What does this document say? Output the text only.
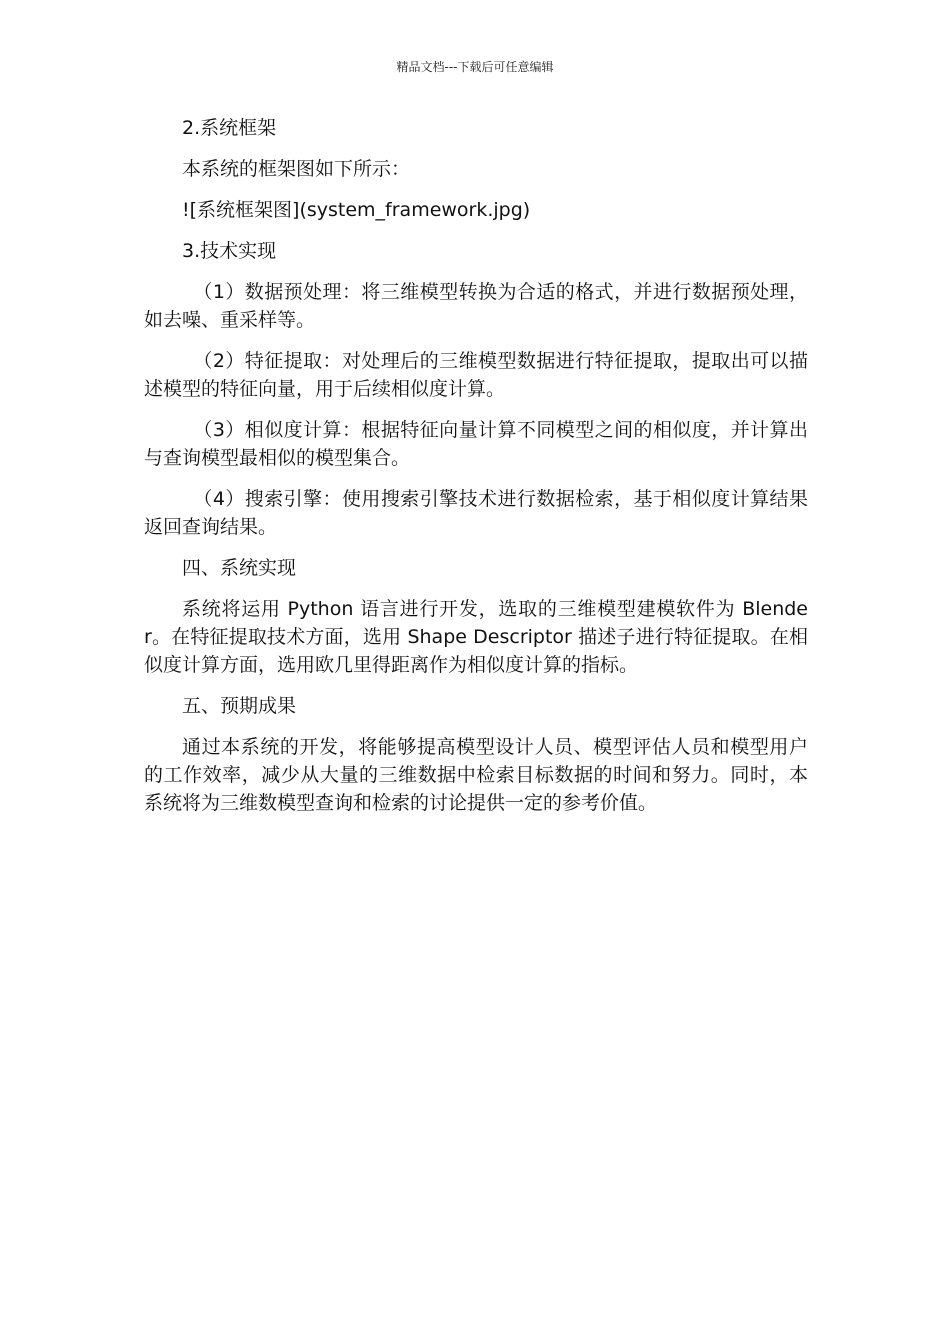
精品文档---下载后可任意编辑

2.系统框架

本系统的框架图如下所示：

![系统框架图](system_framework.jpg)

3.技术实现

（1）数据预处理：将三维模型转换为合适的格式，并进行数据预处理，如去噪、重采样等。

（2）特征提取：对处理后的三维模型数据进行特征提取，提取出可以描述模型的特征向量，用于后续相似度计算。

（3）相似度计算：根据特征向量计算不同模型之间的相似度，并计算出与查询模型最相似的模型集合。

（4）搜索引擎：使用搜索引擎技术进行数据检索，基于相似度计算结果返回查询结果。

四、系统实现

系统将运用 Python 语言进行开发，选取的三维模型建模软件为 Blender。在特征提取技术方面，选用 Shape Descriptor 描述子进行特征提取。在相似度计算方面，选用欧几里得距离作为相似度计算的指标。

五、预期成果

通过本系统的开发，将能够提高模型设计人员、模型评估人员和模型用户的工作效率，减少从大量的三维数据中检索目标数据的时间和努力。同时，本系统将为三维数模型查询和检索的讨论提供一定的参考价值。
